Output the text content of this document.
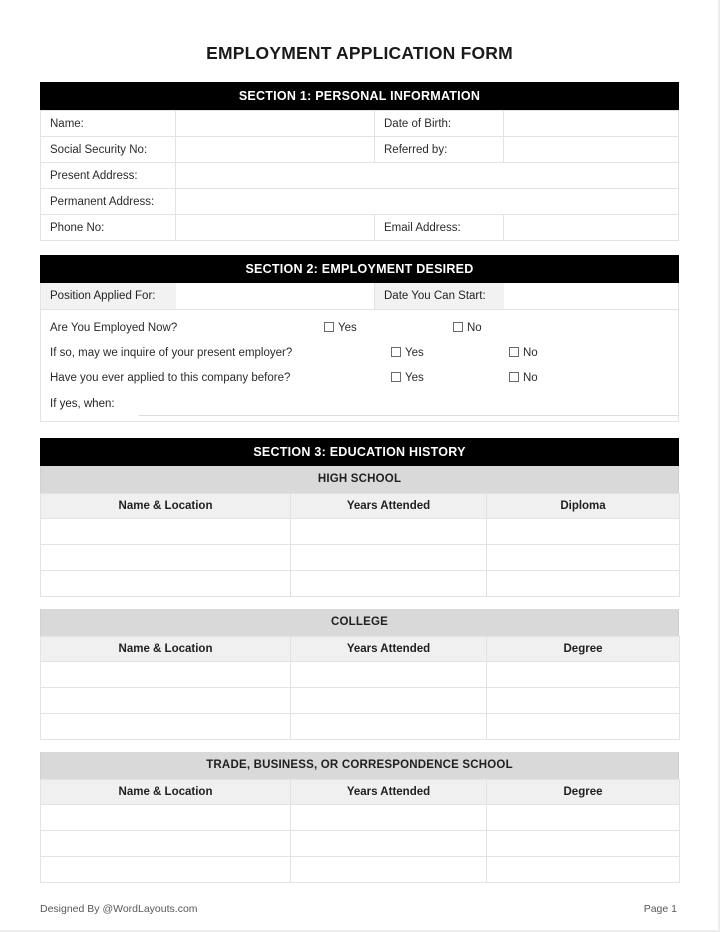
EMPLOYMENT APPLICATION FORM
SECTION 1: PERSONAL INFORMATION
Name:		Date of Birth:	
Social Security No:		Referred by:	
Present Address:			
Permanent Address:			
Phone No:		Email Address:	
SECTION 2: EMPLOYMENT DESIRED
Position Applied For:	Date You Can Start:
Are You Employed Now?	Yes	No
If so, may we inquire of your present employer?	Yes	No
Have you ever applied to this company before?	Yes	No
If yes, when:
SECTION 3: EDUCATION HISTORY
HIGH SCHOOL
Name & Location	Years Attended	Diploma

COLLEGE
Name & Location	Years Attended	Degree

TRADE, BUSINESS, OR CORRESPONDENCE SCHOOL
Name & Location	Years Attended	Degree

Designed By @WordLayouts.com	Page 1
